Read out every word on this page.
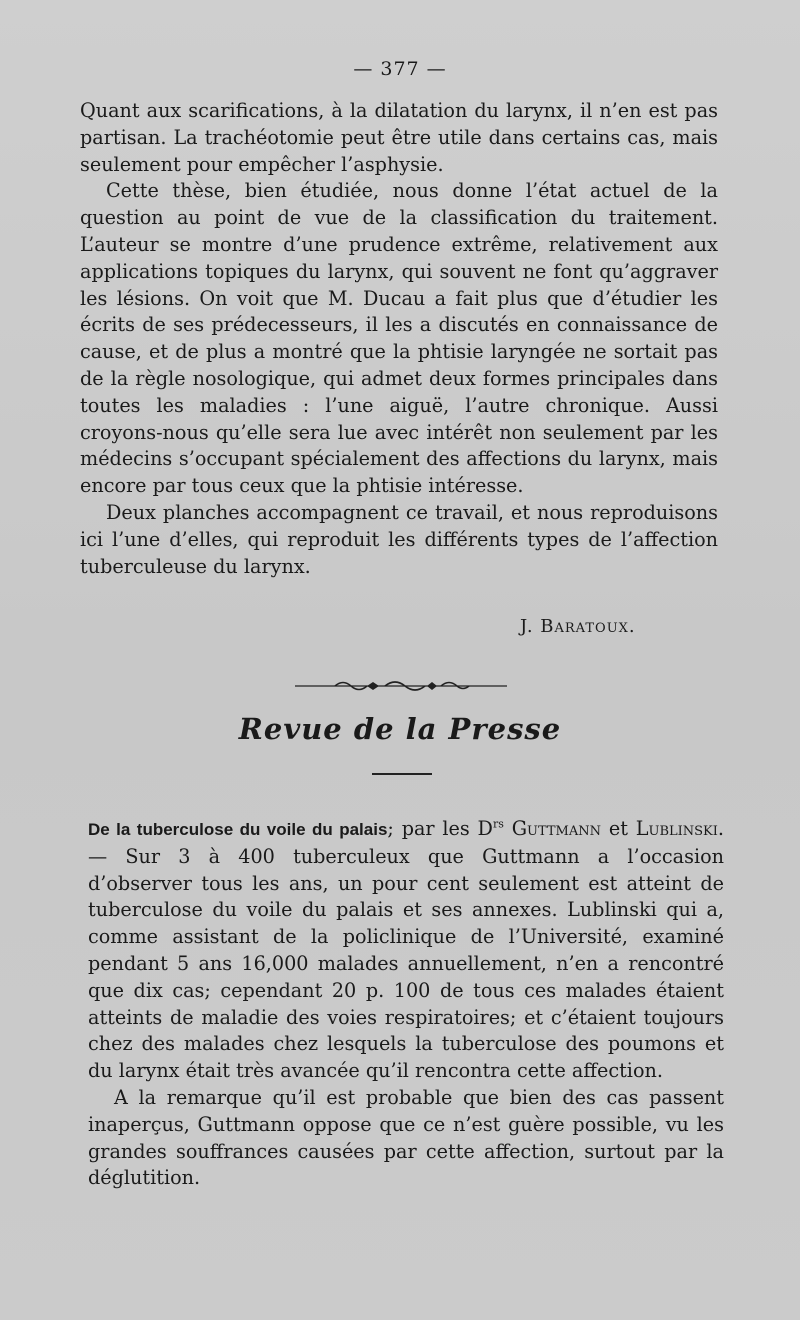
— 377 —

Quant aux scarifications, à la dilatation du larynx, il n’en est pas partisan. La trachéotomie peut être utile dans certains cas, mais seulement pour empêcher l’asphysie.

Cette thèse, bien étudiée, nous donne l’état actuel de la question au point de vue de la classification du traitement. L’auteur se montre d’une prudence extrême, relativement aux applications topiques du larynx, qui souvent ne font qu’aggraver les lésions. On voit que M. Ducau a fait plus que d’étudier les écrits de ses prédecesseurs, il les a discutés en connaissance de cause, et de plus a montré que la phtisie laryngée ne sortait pas de la règle nosologique, qui admet deux formes principales dans toutes les maladies : l’une aiguë, l’autre chronique. Aussi croyons-nous qu’elle sera lue avec intérêt non seulement par les médecins s’occupant spécialement des affections du larynx, mais encore par tous ceux que la phtisie intéresse.

Deux planches accompagnent ce travail, et nous reproduisons ici l’une d’elles, qui reproduit les différents types de l’affection tuberculeuse du larynx.

J. Baratoux.
Revue de la Presse

De la tuberculose du voile du palais; par les $D^{rs}$ Guttmann et Lublinski. — Sur 3 à 400 tuberculeux que Guttmann a l’occasion d’observer tous les ans, un pour cent seulement est atteint de tuberculose du voile du palais et ses annexes. Lublinski qui a, comme assistant de la policlinique de l’Université, examiné pendant 5 ans 16,000 malades annuellement, n’en a rencontré que dix cas; cependant 20 p. 100 de tous ces malades étaient atteints de maladie des voies respiratoires; et c’étaient toujours chez des malades chez lesquels la tuberculose des poumons et du larynx était très avancée qu’il rencontra cette affection.

A la remarque qu’il est probable que bien des cas passent inaperçus, Guttmann oppose que ce n’est guère possible, vu les grandes souffrances causées par cette affection, surtout par la déglutition.
